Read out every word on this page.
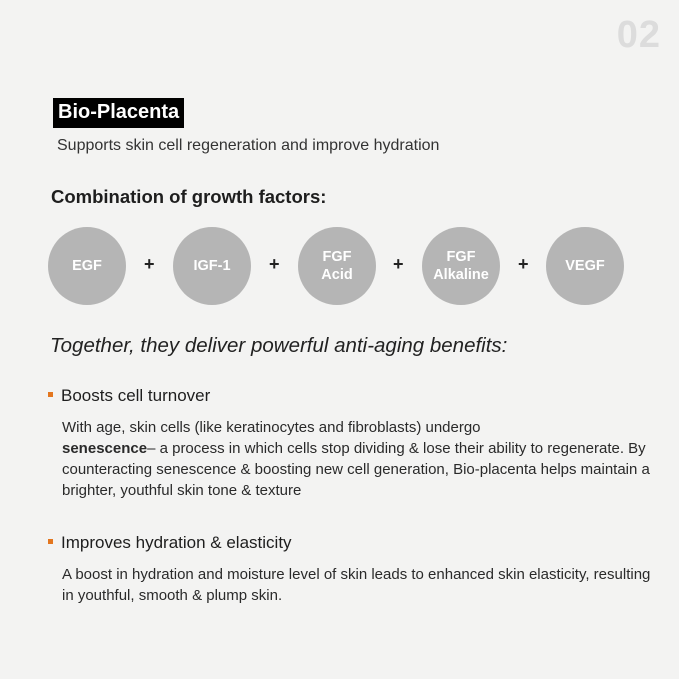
02
Bio-Placenta
Supports skin cell regeneration and improve hydration
Combination of growth factors:
EGF	+	IGF-1	+	FGF
Acid
+	FGF
Alkaline
+	VEGF
Together, they deliver powerful anti-aging benefits:
Boosts cell turnover
With age, skin cells (like keratinocytes and fibroblasts) undergo
senescence– a process in which cells stop dividing & lose their ability to regenerate. By counteracting senescence & boosting new cell generation, Bio-placenta helps maintain a brighter, youthful skin tone & texture
Improves hydration & elasticity
A boost in hydration and moisture level of skin leads to enhanced skin elasticity, resulting in youthful, smooth & plump skin.
